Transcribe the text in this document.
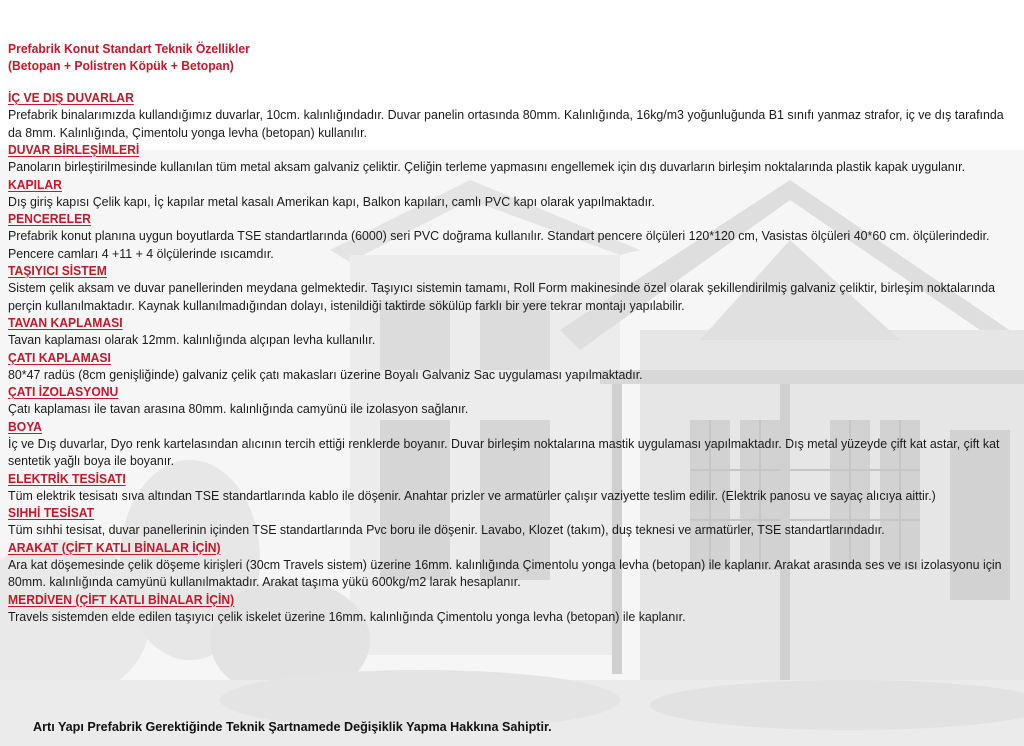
Prefabrik Konut Standart Teknik Özellikler
(Betopan + Polistren Köpük + Betopan)
İÇ VE DIŞ DUVARLAR

Prefabrik binalarımızda kullandığımız duvarlar, 10cm. kalınlığındadır. Duvar panelin ortasında 80mm. Kalınlığında, 16kg/m3 yoğunluğunda B1 sınıfı yanmaz strafor, iç ve dış tarafında da 8mm. Kalınlığında, Çimentolu yonga levha (betopan) kullanılır.

DUVAR BİRLEŞİMLERİ

Panoların birleştirilmesinde kullanılan tüm metal aksam galvaniz çeliktir. Çeliğin terleme yapmasını engellemek için dış duvarların birleşim noktalarında plastik kapak uygulanır.

KAPILAR

Dış giriş kapısı Çelik kapı, İç kapılar metal kasalı Amerikan kapı, Balkon kapıları, camlı PVC kapı olarak yapılmaktadır.

PENCERELER

Prefabrik konut planına uygun boyutlarda TSE standartlarında (6000) seri PVC doğrama kullanılır. Standart pencere ölçüleri 120*120 cm, Vasistas ölçüleri 40*60 cm. ölçülerindedir. Pencere camları 4 +11 + 4 ölçülerinde ısıcamdır.

TAŞIYICI SİSTEM

Sistem çelik aksam ve duvar panellerinden meydana gelmektedir. Taşıyıcı sistemin tamamı, Roll Form makinesinde özel olarak şekillendirilmiş galvaniz çeliktir, birleşim noktalarında perçin kullanılmaktadır. Kaynak kullanılmadığından dolayı, istenildiği taktirde sökülüp farklı bir yere tekrar montajı yapılabilir.

TAVAN KAPLAMASI

Tavan kaplaması olarak 12mm. kalınlığında alçıpan levha kullanılır.

ÇATI KAPLAMASI

80*47 radüs (8cm genişliğinde) galvaniz çelik çatı makasları üzerine Boyalı Galvaniz Sac uygulaması yapılmaktadır.

ÇATI İZOLASYONU

Çatı kaplaması ile tavan arasına 80mm. kalınlığında camyünü ile izolasyon sağlanır.

BOYA

İç ve Dış duvarlar, Dyo renk kartelasından alıcının tercih ettiği renklerde boyanır. Duvar birleşim noktalarına mastik uygulaması yapılmaktadır. Dış metal yüzeyde çift kat astar, çift kat sentetik yağlı boya ile boyanır.

ELEKTRİK TESİSATI

Tüm elektrik tesisatı sıva altından TSE standartlarında kablo ile döşenir. Anahtar prizler ve armatürler çalışır vaziyette teslim edilir. (Elektrik panosu ve sayaç alıcıya aittir.)

SIHHİ TESİSAT

Tüm sıhhi tesisat, duvar panellerinin içinden TSE standartlarında Pvc boru ile döşenir. Lavabo, Klozet (takım), duş teknesi ve armatürler, TSE standartlarındadır.

ARAKAT (ÇİFT KATLI BİNALAR İÇİN)

Ara kat döşemesinde çelik döşeme kirişleri (30cm Travels sistem) üzerine 16mm. kalınlığında Çimentolu yonga levha (betopan) ile kaplanır. Arakat arasında ses ve ısı izolasyonu için 80mm. kalınlığında camyünü kullanılmaktadır. Arakat taşıma yükü 600kg/m2 larak hesaplanır.

MERDİVEN (ÇİFT KATLI BİNALAR İÇİN)

Travels sistemden elde edilen taşıyıcı çelik iskelet üzerine 16mm. kalınlığında Çimentolu yonga levha (betopan) ile kaplanır.

Artı Yapı Prefabrik Gerektiğinde Teknik Şartnamede Değişiklik Yapma Hakkına Sahiptir.
